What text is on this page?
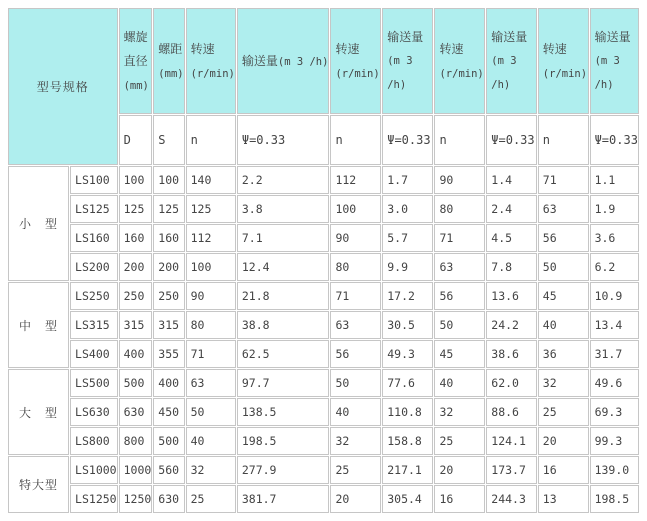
型号规格		螺旋直径 (mm)	螺距 (mm)	转速 (r/min)	输送量(m 3 /h)	转速 (r/min)	输送量 (m 3 /h)	转速 (r/min)	输送量 (m 3 /h)	转速 (r/min)	输送量 (m 3 /h)
		D	S	n	Ψ=0.33	n	Ψ=0.33	n	Ψ=0.33	n	Ψ=0.33
小　型	LS100	100	100	140	2.2	112	1.7	90	1.4	71	1.1
	LS125	125	125	125	3.8	100	3.0	80	2.4	63	1.9
	LS160	160	160	112	7.1	90	5.7	71	4.5	56	3.6
	LS200	200	200	100	12.4	80	9.9	63	7.8	50	6.2
中　型	LS250	250	250	90	21.8	71	17.2	56	13.6	45	10.9
	LS315	315	315	80	38.8	63	30.5	50	24.2	40	13.4
	LS400	400	355	71	62.5	56	49.3	45	38.6	36	31.7
大　型	LS500	500	400	63	97.7	50	77.6	40	62.0	32	49.6
	LS630	630	450	50	138.5	40	110.8	32	88.6	25	69.3
	LS800	800	500	40	198.5	32	158.8	25	124.1	20	99.3
特大型	LS1000	1000	560	32	277.9	25	217.1	20	173.7	16	139.0
	LS1250	1250	630	25	381.7	20	305.4	16	244.3	13	198.5
